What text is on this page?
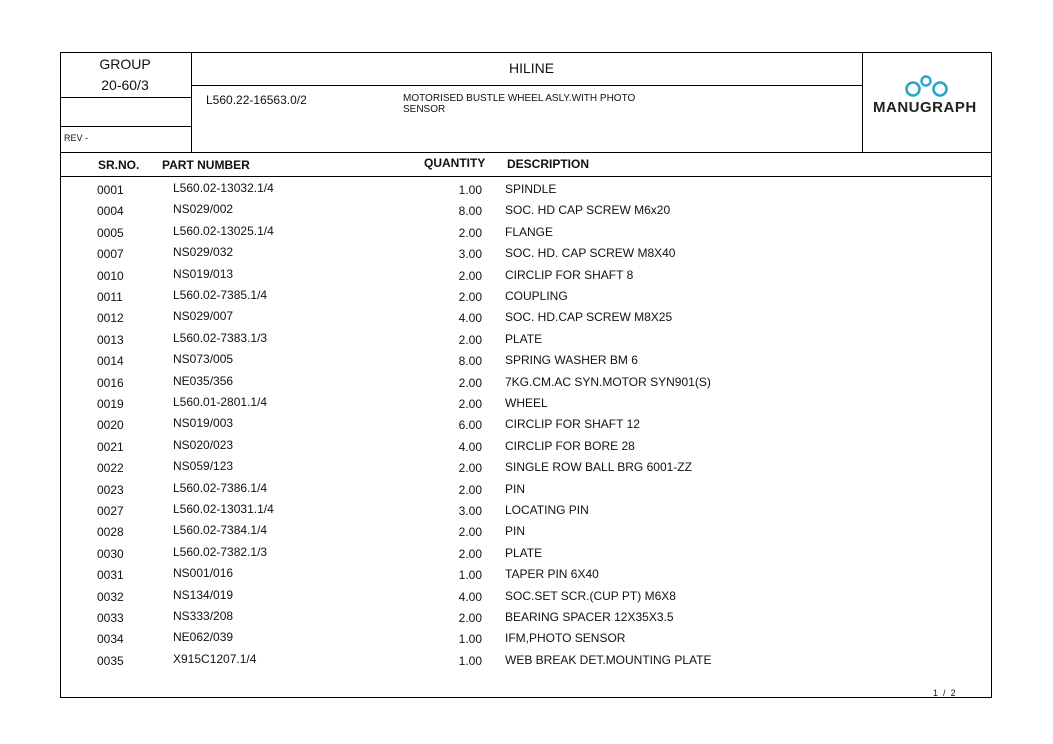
GROUP
20-60/3
HILINE
L560.22-16563.0/2	MOTORISED BUSTLE WHEEL ASLY.WITH PHOTO
SENSOR
REV -
MANUGRAPH
SR.NO. PART NUMBER	QUANTITY DESCRIPTION
0001	L560.02-13032.1/4	1.00 SPINDLE
0004	NS029/002	8.00 SOC. HD CAP SCREW M6x20
0005	L560.02-13025.1/4	2.00 FLANGE
0007	NS029/032	3.00 SOC. HD. CAP SCREW M8X40
0010	NS019/013	2.00 CIRCLIP FOR SHAFT 8
0011	L560.02-7385.1/4	2.00 COUPLING
0012	NS029/007	4.00 SOC. HD.CAP SCREW M8X25
0013	L560.02-7383.1/3	2.00 PLATE
0014	NS073/005	8.00 SPRING WASHER BM 6
0016	NE035/356	2.00 7KG.CM.AC SYN.MOTOR SYN901(S)
0019	L560.01-2801.1/4	2.00 WHEEL
0020	NS019/003	6.00 CIRCLIP FOR SHAFT 12
0021	NS020/023	4.00 CIRCLIP FOR BORE 28
0022	NS059/123	2.00 SINGLE ROW BALL BRG 6001-ZZ
0023	L560.02-7386.1/4	2.00 PIN
0027	L560.02-13031.1/4	3.00 LOCATING PIN
0028	L560.02-7384.1/4	2.00 PIN
0030	L560.02-7382.1/3	2.00 PLATE
0031	NS001/016	1.00 TAPER PIN 6X40
0032	NS134/019	4.00 SOC.SET SCR.(CUP PT) M6X8
0033	NS333/208	2.00 BEARING SPACER 12X35X3.5
0034	NE062/039	1.00 IFM,PHOTO SENSOR
0035	X915C1207.1/4	1.00 WEB BREAK DET.MOUNTING PLATE
1 / 2
